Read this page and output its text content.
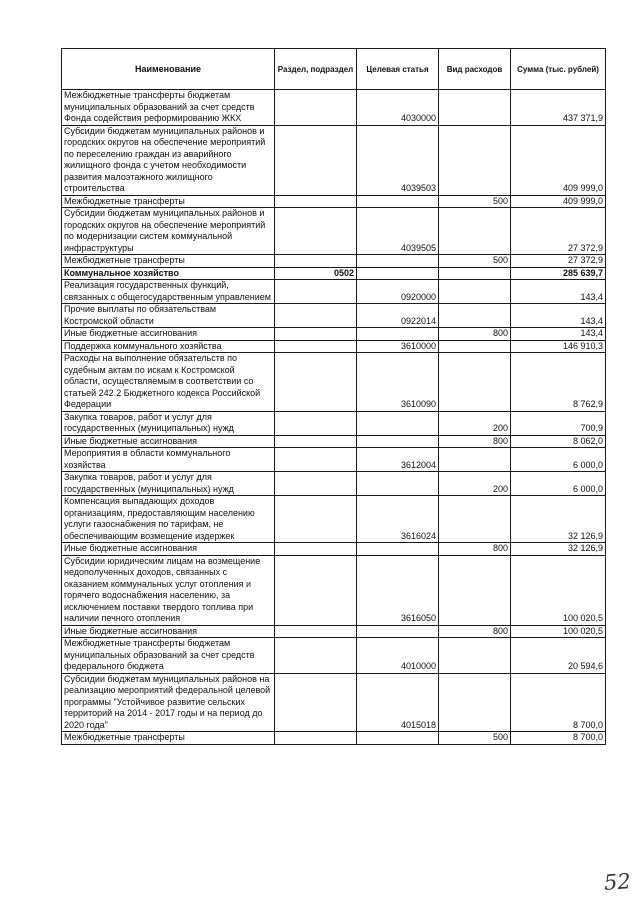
Наименование	Раздел, подраздел	Целевая статья	Вид расходов	Сумма (тыс. рублей)
Межбюджетные трансферты бюджетам муниципальных образований за счет средств Фонда содействия реформированию ЖКХ		4030000		437 371,9
Субсидии бюджетам муниципальных районов и городских округов на обеспечение мероприятий по переселению граждан из аварийного жилищного фонда с учетом необходимости развития малоэтажного жилищного строительства		4039503		409 999,0
Межбюджетные трансферты			500	409 999,0
Субсидии бюджетам муниципальных районов и городских округов на обеспечение мероприятий по модернизации систем коммунальной инфраструктуры		4039505		27 372,9
Межбюджетные трансферты			500	27 372,9
Коммунальное хозяйство	0502			285 639,7
Реализация государственных функций, связанных с общегосударственным управлением		0920000		143,4
Прочие выплаты по обязательствам Костромской области		0922014		143,4
Иные бюджетные ассигнования			800	143,4
Поддержка коммунального хозяйства		3610000		146 910,3
Расходы на выполнение обязательств по судебным актам по искам к Костромской области, осуществляемым в соответствии со статьей 242.2 Бюджетного кодекса Российской Федерации		3610090		8 762,9
Закупка товаров, работ и услуг для государственных (муниципальных) нужд			200	700,9
Иные бюджетные ассигнования			800	8 062,0
Мероприятия в области коммунального хозяйства		3612004		6 000,0
Закупка товаров, работ и услуг для государственных (муниципальных) нужд			200	6 000,0
Компенсация выпадающих доходов организациям, предоставляющим населению услуги газоснабжения по тарифам, не обеспечивающим возмещение издержек		3616024		32 126,9
Иные бюджетные ассигнования			800	32 126,9
Субсидии юридическим лицам на возмещение недополученных доходов, связанных с оказанием коммунальных услуг отопления и горячего водоснабжения населению, за исключением поставки твердого топлива при наличии печного отопления		3616050		100 020,5
Иные бюджетные ассигнования			800	100 020,5
Межбюджетные трансферты бюджетам муниципальных образований за счет средств федерального бюджета		4010000		20 594,6
Субсидии бюджетам муниципальных районов на реализацию мероприятий федеральной целевой программы "Устойчивое развитие сельских территорий на 2014 - 2017 годы и на период до 2020 года"		4015018		8 700,0
Межбюджетные трансферты			500	8 700,0
52
